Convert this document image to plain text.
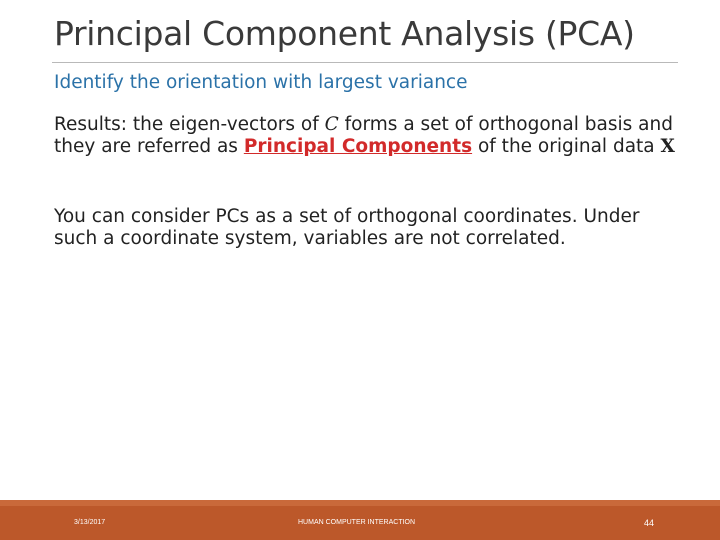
Principal Component Analysis (PCA)
Identify the orientation with largest variance
Results: the eigen-vectors of C forms a set of orthogonal basis and they are referred as Principal Components of the original data X
You can consider PCs as a set of orthogonal coordinates. Under such a coordinate system, variables are not correlated.
3/13/2017	HUMAN COMPUTER INTERACTION	44
